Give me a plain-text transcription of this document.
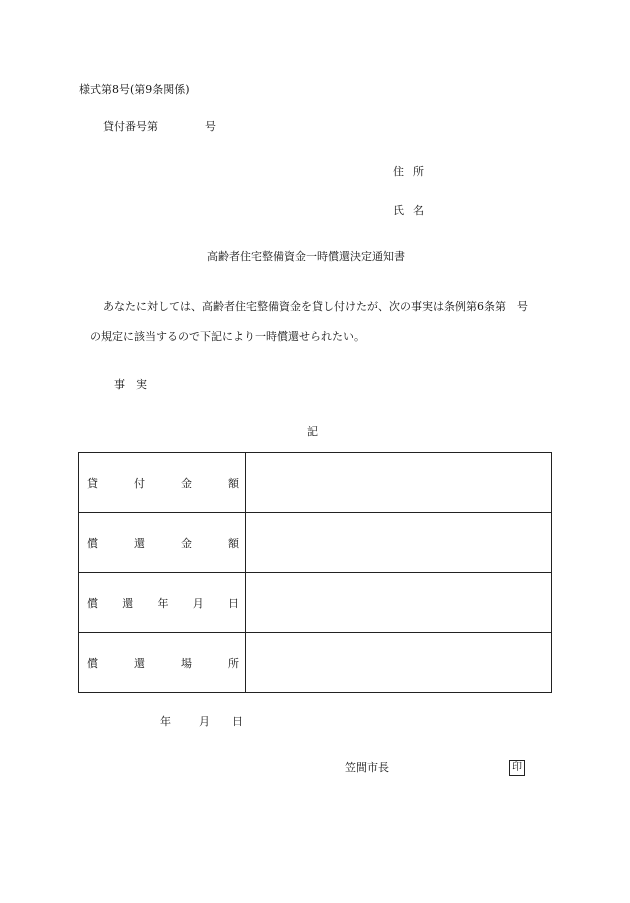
様式第8号(第9条関係)
貸付番号第	号
住所
氏名
高齢者住宅整備資金一時償還決定通知書
あなたに対しては、高齢者住宅整備資金を貸し付けたが、次の事実は条例第6条第　号
の規定に該当するので下記により一時償還せられたい。
事実
記
貸 付 金 額	

償 還 金 額	

償 還 年 月 日	

償 還 場 所	

年	月 日
笠間市長	印
